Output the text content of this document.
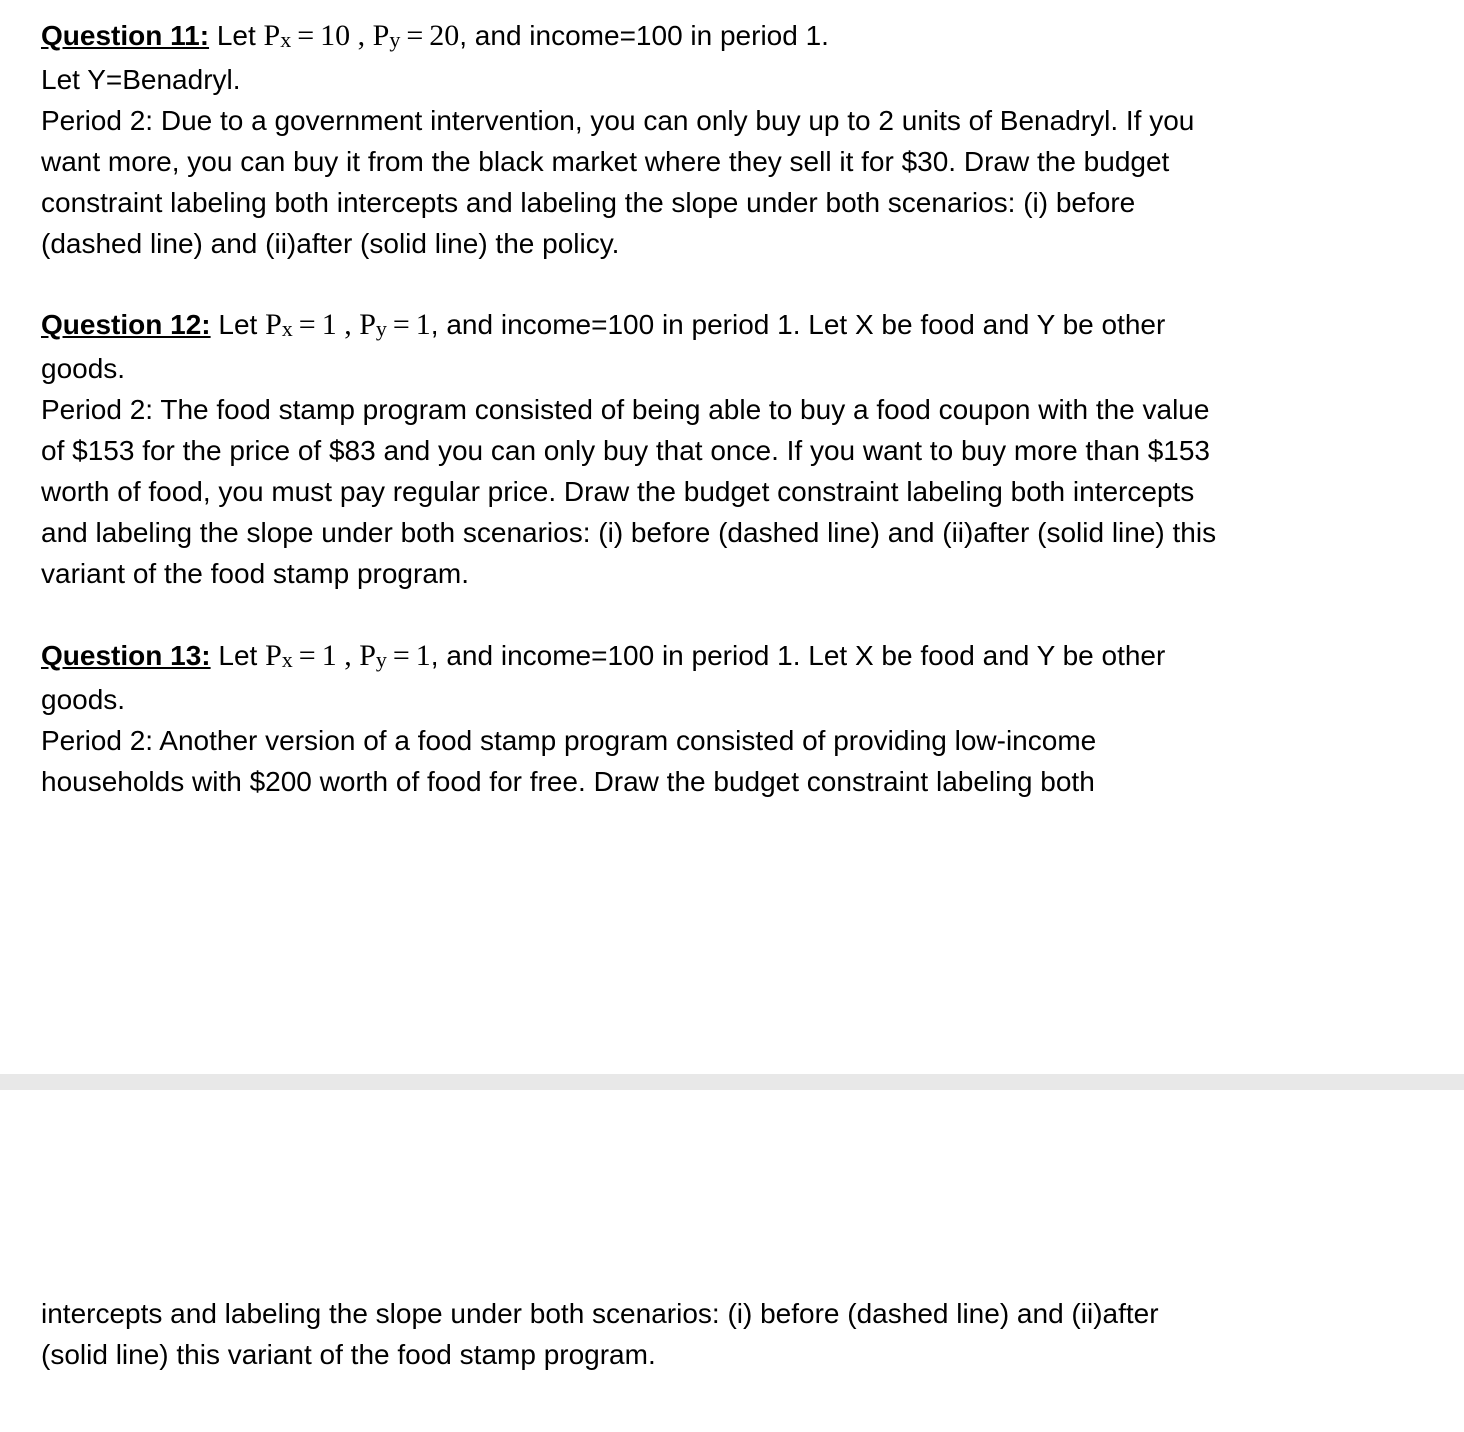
Question 11: Let $P_x = 10$ , $P_y = 20$, and income=100 in period 1.
Let Y=Benadryl.
Period 2: Due to a government intervention, you can only buy up to 2 units of Benadryl. If you
want more, you can buy it from the black market where they sell it for $30. Draw the budget
constraint labeling both intercepts and labeling the slope under both scenarios: (i) before
(dashed line) and (ii)after (solid line) the policy.
Question 12: Let $P_x = 1$ , $P_y = 1$, and income=100 in period 1. Let X be food and Y be other
goods.
Period 2: The food stamp program consisted of being able to buy a food coupon with the value
of $153 for the price of $83 and you can only buy that once. If you want to buy more than $153
worth of food, you must pay regular price. Draw the budget constraint labeling both intercepts
and labeling the slope under both scenarios: (i) before (dashed line) and (ii)after (solid line) this
variant of the food stamp program.
Question 13: Let $P_x = 1$ , $P_y = 1$, and income=100 in period 1. Let X be food and Y be other
goods.
Period 2: Another version of a food stamp program consisted of providing low-income
households with $200 worth of food for free. Draw the budget constraint labeling both
intercepts and labeling the slope under both scenarios: (i) before (dashed line) and (ii)after
(solid line) this variant of the food stamp program.
